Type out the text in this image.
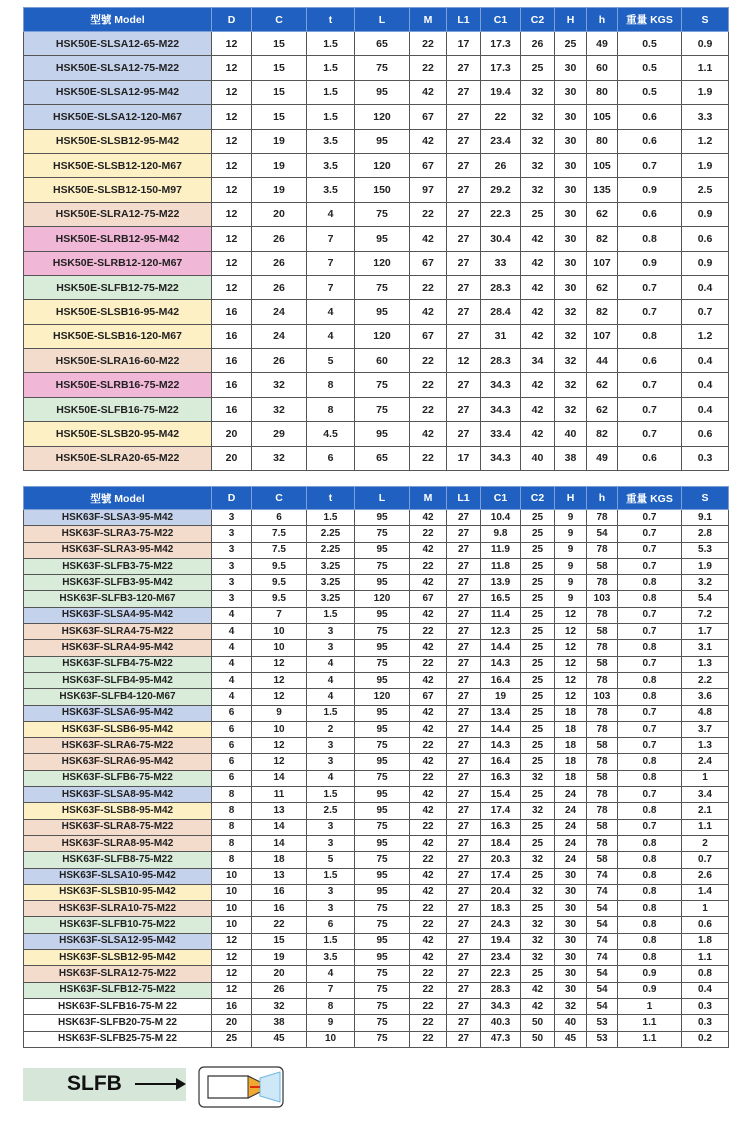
型號 Model	D	C	t	L	M	L1	C1	C2	H	h	重量 KGS	S
HSK50E-SLSA12-65-M22	12	15	1.5	65	22	17	17.3	26	25	49	0.5	0.9
HSK50E-SLSA12-75-M22	12	15	1.5	75	22	27	17.3	25	30	60	0.5	1.1
HSK50E-SLSA12-95-M42	12	15	1.5	95	42	27	19.4	32	30	80	0.5	1.9
HSK50E-SLSA12-120-M67	12	15	1.5	120	67	27	22	32	30	105	0.6	3.3
HSK50E-SLSB12-95-M42	12	19	3.5	95	42	27	23.4	32	30	80	0.6	1.2
HSK50E-SLSB12-120-M67	12	19	3.5	120	67	27	26	32	30	105	0.7	1.9
HSK50E-SLSB12-150-M97	12	19	3.5	150	97	27	29.2	32	30	135	0.9	2.5
HSK50E-SLRA12-75-M22	12	20	4	75	22	27	22.3	25	30	62	0.6	0.9
HSK50E-SLRB12-95-M42	12	26	7	95	42	27	30.4	42	30	82	0.8	0.6
HSK50E-SLRB12-120-M67	12	26	7	120	67	27	33	42	30	107	0.9	0.9
HSK50E-SLFB12-75-M22	12	26	7	75	22	27	28.3	42	30	62	0.7	0.4
HSK50E-SLSB16-95-M42	16	24	4	95	42	27	28.4	42	32	82	0.7	0.7
HSK50E-SLSB16-120-M67	16	24	4	120	67	27	31	42	32	107	0.8	1.2
HSK50E-SLRA16-60-M22	16	26	5	60	22	12	28.3	34	32	44	0.6	0.4
HSK50E-SLRB16-75-M22	16	32	8	75	22	27	34.3	42	32	62	0.7	0.4
HSK50E-SLFB16-75-M22	16	32	8	75	22	27	34.3	42	32	62	0.7	0.4
HSK50E-SLSB20-95-M42	20	29	4.5	95	42	27	33.4	42	40	82	0.7	0.6
HSK50E-SLRA20-65-M22	20	32	6	65	22	17	34.3	40	38	49	0.6	0.3
型號 Model	D	C	t	L	M	L1	C1	C2	H	h	重量 KGS	S
HSK63F-SLSA3-95-M42	3	6	1.5	95	42	27	10.4	25	9	78	0.7	9.1
HSK63F-SLRA3-75-M22	3	7.5	2.25	75	22	27	9.8	25	9	54	0.7	2.8
HSK63F-SLRA3-95-M42	3	7.5	2.25	95	42	27	11.9	25	9	78	0.7	5.3
HSK63F-SLFB3-75-M22	3	9.5	3.25	75	22	27	11.8	25	9	58	0.7	1.9
HSK63F-SLFB3-95-M42	3	9.5	3.25	95	42	27	13.9	25	9	78	0.8	3.2
HSK63F-SLFB3-120-M67	3	9.5	3.25	120	67	27	16.5	25	9	103	0.8	5.4
HSK63F-SLSA4-95-M42	4	7	1.5	95	42	27	11.4	25	12	78	0.7	7.2
HSK63F-SLRA4-75-M22	4	10	3	75	22	27	12.3	25	12	58	0.7	1.7
HSK63F-SLRA4-95-M42	4	10	3	95	42	27	14.4	25	12	78	0.8	3.1
HSK63F-SLFB4-75-M22	4	12	4	75	22	27	14.3	25	12	58	0.7	1.3
HSK63F-SLFB4-95-M42	4	12	4	95	42	27	16.4	25	12	78	0.8	2.2
HSK63F-SLFB4-120-M67	4	12	4	120	67	27	19	25	12	103	0.8	3.6
HSK63F-SLSA6-95-M42	6	9	1.5	95	42	27	13.4	25	18	78	0.7	4.8
HSK63F-SLSB6-95-M42	6	10	2	95	42	27	14.4	25	18	78	0.7	3.7
HSK63F-SLRA6-75-M22	6	12	3	75	22	27	14.3	25	18	58	0.7	1.3
HSK63F-SLRA6-95-M42	6	12	3	95	42	27	16.4	25	18	78	0.8	2.4
HSK63F-SLFB6-75-M22	6	14	4	75	22	27	16.3	32	18	58	0.8	1
HSK63F-SLSA8-95-M42	8	11	1.5	95	42	27	15.4	25	24	78	0.7	3.4
HSK63F-SLSB8-95-M42	8	13	2.5	95	42	27	17.4	32	24	78	0.8	2.1
HSK63F-SLRA8-75-M22	8	14	3	75	22	27	16.3	25	24	58	0.7	1.1
HSK63F-SLRA8-95-M42	8	14	3	95	42	27	18.4	25	24	78	0.8	2
HSK63F-SLFB8-75-M22	8	18	5	75	22	27	20.3	32	24	58	0.8	0.7
HSK63F-SLSA10-95-M42	10	13	1.5	95	42	27	17.4	25	30	74	0.8	2.6
HSK63F-SLSB10-95-M42	10	16	3	95	42	27	20.4	32	30	74	0.8	1.4
HSK63F-SLRA10-75-M22	10	16	3	75	22	27	18.3	25	30	54	0.8	1
HSK63F-SLFB10-75-M22	10	22	6	75	22	27	24.3	32	30	54	0.8	0.6
HSK63F-SLSA12-95-M42	12	15	1.5	95	42	27	19.4	32	30	74	0.8	1.8
HSK63F-SLSB12-95-M42	12	19	3.5	95	42	27	23.4	32	30	74	0.8	1.1
HSK63F-SLRA12-75-M22	12	20	4	75	22	27	22.3	25	30	54	0.9	0.8
HSK63F-SLFB12-75-M22	12	26	7	75	22	27	28.3	42	30	54	0.9	0.4
HSK63F-SLFB16-75-M 22	16	32	8	75	22	27	34.3	42	32	54	1	0.3
HSK63F-SLFB20-75-M 22	20	38	9	75	22	27	40.3	50	40	53	1.1	0.3
HSK63F-SLFB25-75-M 22	25	45	10	75	22	27	47.3	50	45	53	1.1	0.2
SLFB
